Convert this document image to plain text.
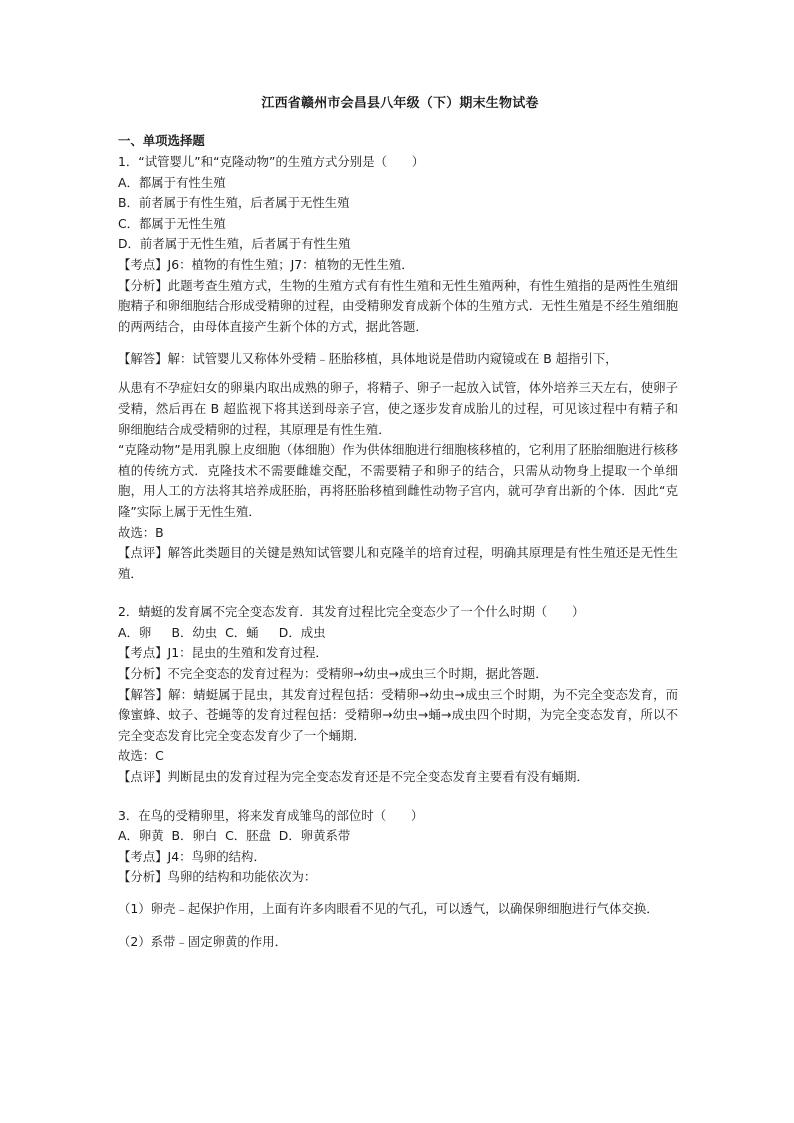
江西省赣州市会昌县八年级（下）期末生物试卷
一、单项选择题

1．“试管婴儿”和“克隆动物”的生殖方式分别是（　　）

A．都属于有性生殖

B．前者属于有性生殖，后者属于无性生殖

C．都属于无性生殖

D．前者属于无性生殖，后者属于有性生殖

【考点】J6：植物的有性生殖；J7：植物的无性生殖．

【分析】此题考查生殖方式，生物的生殖方式有有性生殖和无性生殖两种，有性生殖指的是两性生殖细胞精子和卵细胞结合形成受精卵的过程，由受精卵发育成新个体的生殖方式．无性生殖是不经生殖细胞的两两结合，由母体直接产生新个体的方式，据此答题．

【解答】解：试管婴儿又称体外受精﹣胚胎移植，具体地说是借助内窥镜或在 B 超指引下，

从患有不孕症妇女的卵巢内取出成熟的卵子，将精子、卵子一起放入试管，体外培养三天左右，使卵子受精，然后再在 B 超监视下将其送到母亲子宫，使之逐步发育成胎儿的过程，可见该过程中有精子和卵细胞结合成受精卵的过程，其原理是有性生殖．

“克隆动物”是用乳腺上皮细胞（体细胞）作为供体细胞进行细胞核移植的，它利用了胚胎细胞进行核移植的传统方式．克隆技术不需要雌雄交配，不需要精子和卵子的结合，只需从动物身上提取一个单细胞，用人工的方法将其培养成胚胎，再将胚胎移植到雌性动物子宫内，就可孕育出新的个体．因此“克隆”实际上属于无性生殖．

故选：B

【点评】解答此类题目的关键是熟知试管婴儿和克隆羊的培育过程，明确其原理是有性生殖还是无性生殖．

2．蜻蜓的发育属不完全变态发育．其发育过程比完全变态少了一个什么时期（　　）

A．卵　  B．幼虫  C．蛹　  D．成虫

【考点】J1：昆虫的生殖和发育过程．

【分析】不完全变态的发育过程为：受精卵→幼虫→成虫三个时期，据此答题．

【解答】解：蜻蜓属于昆虫，其发育过程包括：受精卵→幼虫→成虫三个时期，为不完全变态发育，而像蜜蜂、蚊子、苍蝇等的发育过程包括：受精卵→幼虫→蛹→成虫四个时期，为完全变态发育，所以不完全变态发育比完全变态发育少了一个蛹期．

故选：C

【点评】判断昆虫的发育过程为完全变态发育还是不完全变态发育主要看有没有蛹期．

3．在鸟的受精卵里，将来发育成雏鸟的部位时（　　）

A．卵黄  B．卵白  C．胚盘  D．卵黄系带

【考点】J4：鸟卵的结构．

【分析】鸟卵的结构和功能依次为：

（1）卵壳﹣起保护作用，上面有许多肉眼看不见的气孔，可以透气，以确保卵细胞进行气体交换．

（2）系带﹣固定卵黄的作用．
